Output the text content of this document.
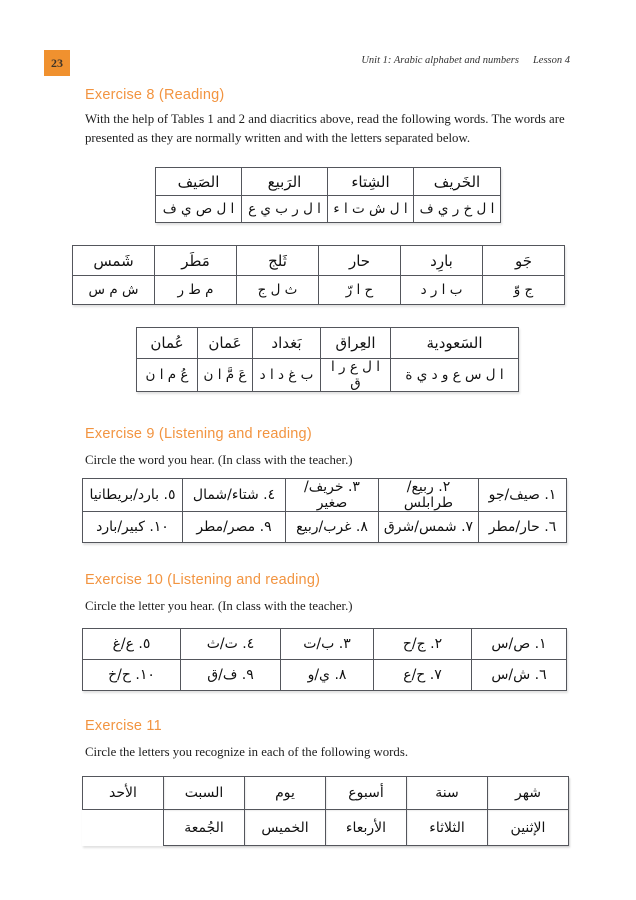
23	Unit 1: Arabic alphabet and numbers Lesson 4
Exercise 8 (Reading)

With the help of Tables 1 and 2 and diacritics above, read the following words. The words are presented as they are normally written and with the letters separated below.

الخَريف	الشِتاء	الرَبيع	الصَيف
ا ل خ ر ي ف	ا ل ش ت ا ء	ا ل ر ب ي ع	ا ل ص ي ف
جَو	بارِد	حار	ثَلج	مَطَر	شَمس
ج وّ	ب ا ر د	ح ا رّ	ث ل ج	م ط ر	ش م س
السَعودية	العِراق	بَغداد	عَمان	عُمان
ا ل س ع و د ي ة	ا ل ع ر ا ق	ب غ د ا د	عَ مَّ ا ن	عُ م ا ن
Exercise 9 (Listening and reading)

Circle the word you hear. (In class with the teacher.)

١. صيف/جو	٢. ربيع/طرابلس	٣. خريف/صغير	٤. شتاء/شمال	٥. بارد/بريطانيا
٦. حار/مطر	٧. شمس/شرق	٨. غرب/ربيع	٩. مصر/مطر	١٠. كبير/بارد
Exercise 10 (Listening and reading)

Circle the letter you hear. (In class with the teacher.)

١. ص/س	٢. ج/ح	٣. ب/ت	٤. ت/ث	٥. ع/غ
٦. ش/س	٧. ح/ع	٨. ي/و	٩. ف/ق	١٠. ح/خ
Exercise 11

Circle the letters you recognize in each of the following words.

شهر	سنة	أسبوع	يوم	السبت	الأحد
الإثنين	الثلاثاء	الأربعاء	الخميس	الجُمعة	
